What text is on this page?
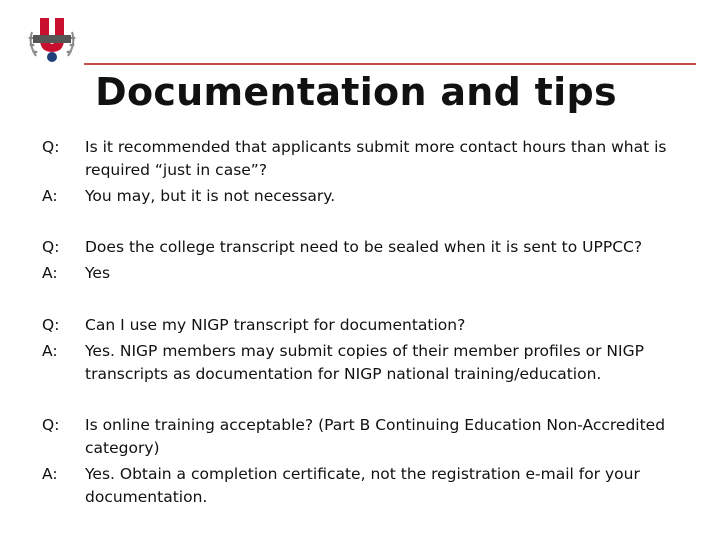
Documentation and tips
Q:	Is it recommended that applicants submit more contact hours than what is required “just in case”?
A:	You may, but it is not necessary.
Q:	Does the college transcript need to be sealed when it is sent to UPPCC?
A:	Yes
Q:	Can I use my NIGP transcript for documentation?
A:	Yes. NIGP members may submit copies of their member profiles or NIGP transcripts as documentation for NIGP national training/education.
Q:	Is online training acceptable? (Part B Continuing Education Non-Accredited category)
A:	Yes. Obtain a completion certificate, not the registration e-mail for your documentation.
